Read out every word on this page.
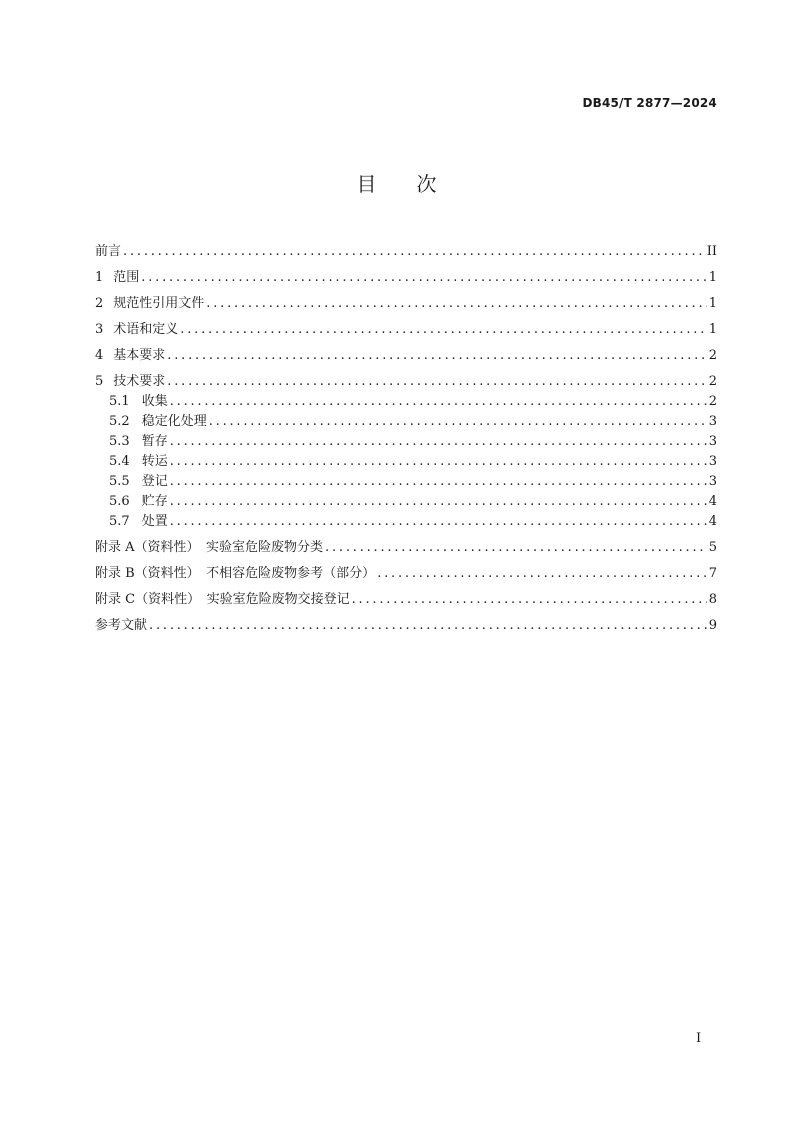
DB45/T 2877—2024
目次
前言 .....	II
1 范围 .....	1
2 规范性引用文件 .....	1
3 术语和定义 .....	1
4 基本要求 .....	2
5 技术要求 .....	2
5.1 收集 .....	2
5.2 稳定化处理 .....	3
5.3 暂存 .....	3
5.4 转运 .....	3
5.5 登记 .....	3
5.6 贮存 .....	4
5.7 处置 .....	4
附录 A（资料性）　实验室危险废物分类 .....	5
附录 B（资料性）　不相容危险废物参考（部分） .....	7
附录 C（资料性）　实验室危险废物交接登记 .....	8
参考文献 .....	9
I
